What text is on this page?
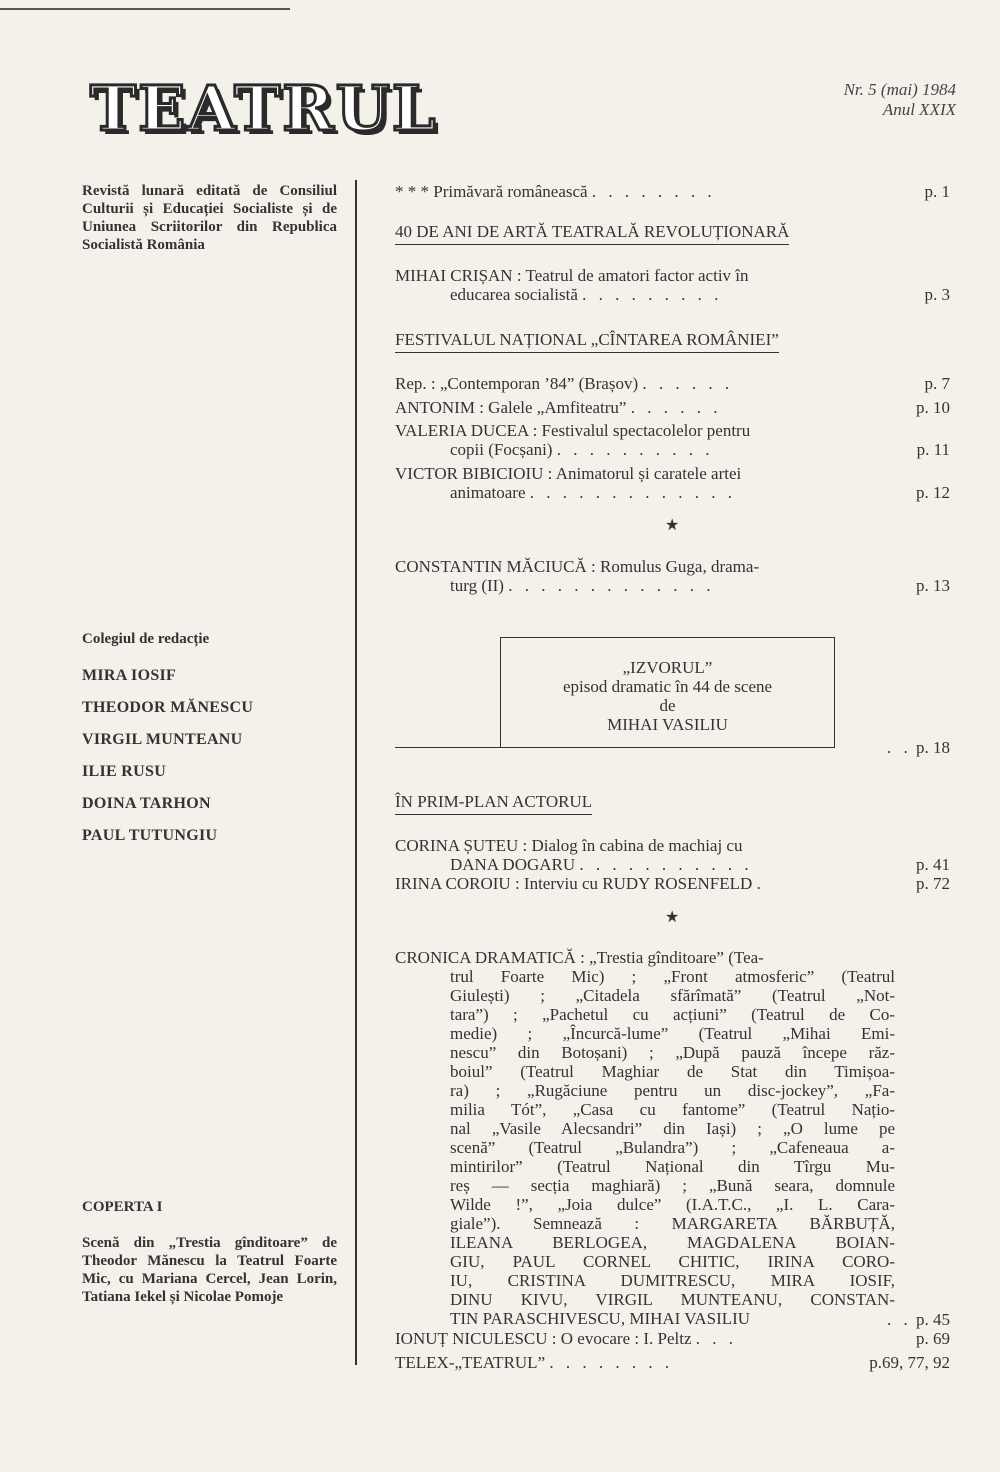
TEATRUL	Nr. 5 (mai) 1984
Anul XXIX
Revistă lunară editată de Consiliul Culturii și Educației Socialiste și de Uniunea Scriitorilor din Republica Socialistă România
Colegiul de redacție
MIRA IOSIF
THEODOR MĂNESCU
VIRGIL MUNTEANU
ILIE RUSU
DOINA TARHON
PAUL TUTUNGIU
COPERTA I
Scenă din „Trestia gînditoare” de Theodor Mănescu la Teatrul Foarte Mic, cu Mariana Cercel, Jean Lorin, Tatiana Iekel și Nicolae Pomoje
* * * Primăvară românească . . . . . . . .	p. 1
40 DE ANI DE ARTĂ TEATRALĂ REVOLUȚIONARĂ
MIHAI CRIȘAN : Teatrul de amatori factor activ în
educarea socialistă . . . . . . . . .	p. 3
FESTIVALUL NAȚIONAL „CÎNTAREA ROMÂNIEI”
Rep. : „Contemporan ’84” (Brașov) . . . . . .	p. 7
ANTONIM : Galele „Amfiteatru” . . . . . .	p. 10
VALERIA DUCEA : Festivalul spectacolelor pentru
copii (Focșani) . . . . . . . . . .	p. 11
VICTOR BIBICIOIU : Animatorul și caratele artei
animatoare . . . . . . . . . . . . .	p. 12
★
CONSTANTIN MĂCIUCĂ : Romulus Guga, drama-
turg (II) . . . . . . . . . . . . .	p. 13
„IZVORUL”
episod dramatic în 44 de scene
de
MIHAI VASILIU
. . p. 18
ÎN PRIM-PLAN ACTORUL
CORINA ȘUTEU : Dialog în cabina de machiaj cu
DANA DOGARU . . . . . . . . . . .	p. 41
IRINA COROIU : Interviu cu RUDY ROSENFELD .	p. 72
★
CRONICA DRAMATICĂ : „Trestia gînditoare” (Tea-
trul Foarte Mic) ; „Front atmosferic” (Teatrul
Giulești) ; „Citadela sfărîmată” (Teatrul „Not-
tara”) ; „Pachetul cu acțiuni” (Teatrul de Co-
medie) ; „Încurcă-lume” (Teatrul „Mihai Emi-
nescu” din Botoșani) ; „După pauză începe răz-
boiul” (Teatrul Maghiar de Stat din Timișoa-
ra) ; „Rugăciune pentru un disc-jockey”, „Fa-
milia Tót”, „Casa cu fantome” (Teatrul Națio-
nal „Vasile Alecsandri” din Iași) ; „O lume pe
scenă” (Teatrul „Bulandra”) ; „Cafeneaua a-
mintirilor” (Teatrul Național din Tîrgu Mu-
reș — secția maghiară) ; „Bună seara, domnule
Wilde !”, „Joia dulce” (I.A.T.C., „I. L. Cara-
giale”). Semnează : MARGARETA BĂRBUȚĂ,
ILEANA BERLOGEA, MAGDALENA BOIAN-
GIU, PAUL CORNEL CHITIC, IRINA CORO-
IU, CRISTINA DUMITRESCU, MIRA IOSIF,
DINU KIVU, VIRGIL MUNTEANU, CONSTAN-
TIN PARASCHIVESCU, MIHAI VASILIU	. . p. 45
IONUȚ NICULESCU : O evocare : I. Peltz . . .	p. 69
TELEX-„TEATRUL” . . . . . . . .	p.69, 77, 92
